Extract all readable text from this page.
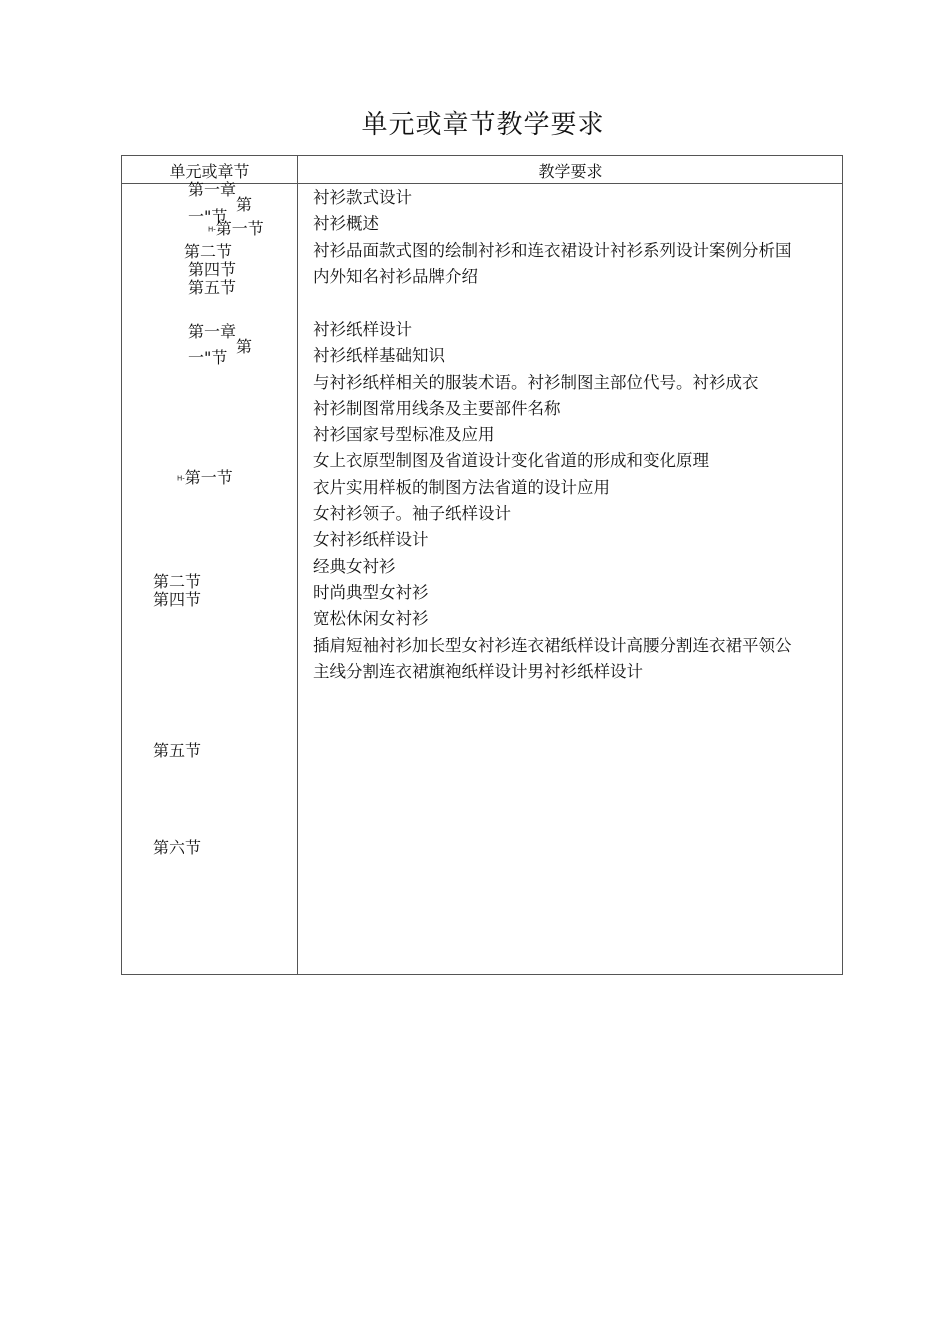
单元或章节教学要求
单元或章节	教学要求
第一章
第
一"节
H-第一节
第二节
第四节
第五节
第一章
第
一"节
H-第一节
第二节
第四节
第五节
第六节
衬衫款式设计
衬衫概述
衬衫品面款式图的绘制衬衫和连衣裙设计衬衫系列设计案例分析国
内外知名衬衫品牌介绍
衬衫纸样设计
衬衫纸样基础知识
与衬衫纸样相关的服装术语。衬衫制图主部位代号。衬衫成衣
衬衫制图常用线条及主要部件名称
衬衫国家号型标准及应用
女上衣原型制图及省道设计变化省道的形成和变化原理
衣片实用样板的制图方法省道的设计应用
女衬衫领子。袖子纸样设计
女衬衫纸样设计
经典女衬衫
时尚典型女衬衫
宽松休闲女衬衫
插肩短袖衬衫加长型女衬衫连衣裙纸样设计高腰分割连衣裙平领公
主线分割连衣裙旗袍纸样设计男衬衫纸样设计
